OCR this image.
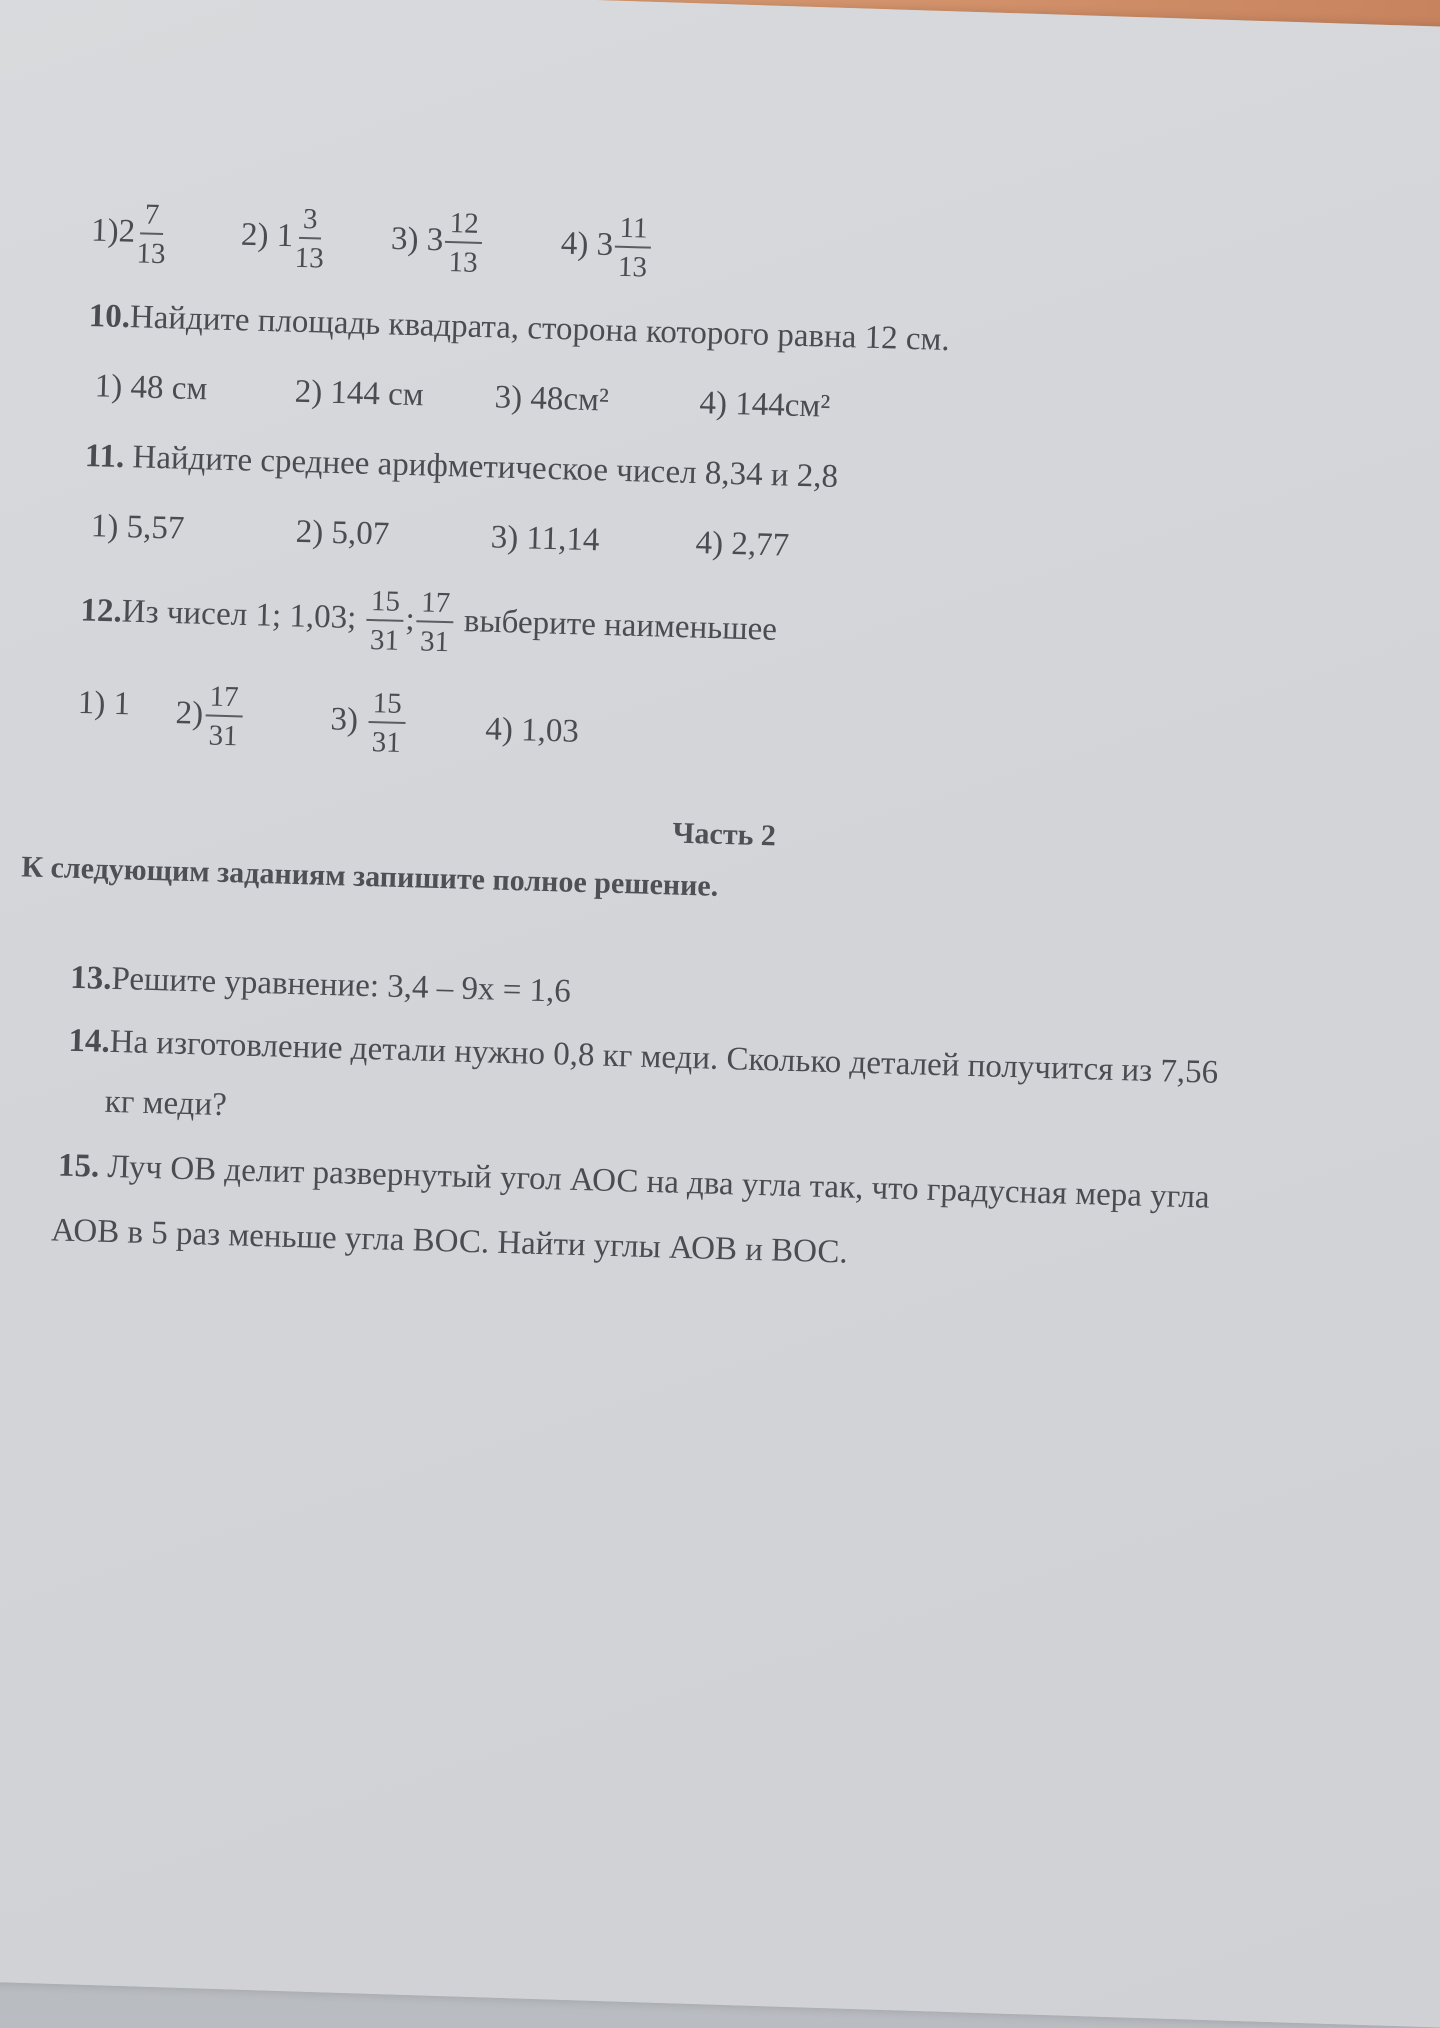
$1)2 \frac{7}{13} 2$) $1 \frac{3}{13} 3$) $3 \frac{12}{13} 4$) $3 \frac{11}{13}$
10.Найдите площадь квадрата, сторона которого равна 12 см.
1) 48 см	2) 144 см 3) 48см²	4) 144см²
11. Найдите среднее арифметическое чисел 8,34 и 2,8
1) 5,57	2) 5,07	3) 11,14	4) 2,77
12.Из чисел 1; 1,03; $\frac{15}{31}$ ; $\frac{17}{31}$ выберите наименьшее
1) 1 $2) \frac{17}{31}$	$3) \frac{15}{31} 4$) 1,03
Часть 2
К следующим заданиям запишите полное решение.
13.Решите уравнение: 3,4 – 9х = 1,6
14.На изготовление детали нужно 0,8 кг меди. Сколько деталей получится из 7,56
кг меди?
15. Луч ОВ делит развернутый угол АОС на два угла так, что градусная мера угла
АОВ в 5 раз меньше угла ВОС. Найти углы АОВ и ВОС.
